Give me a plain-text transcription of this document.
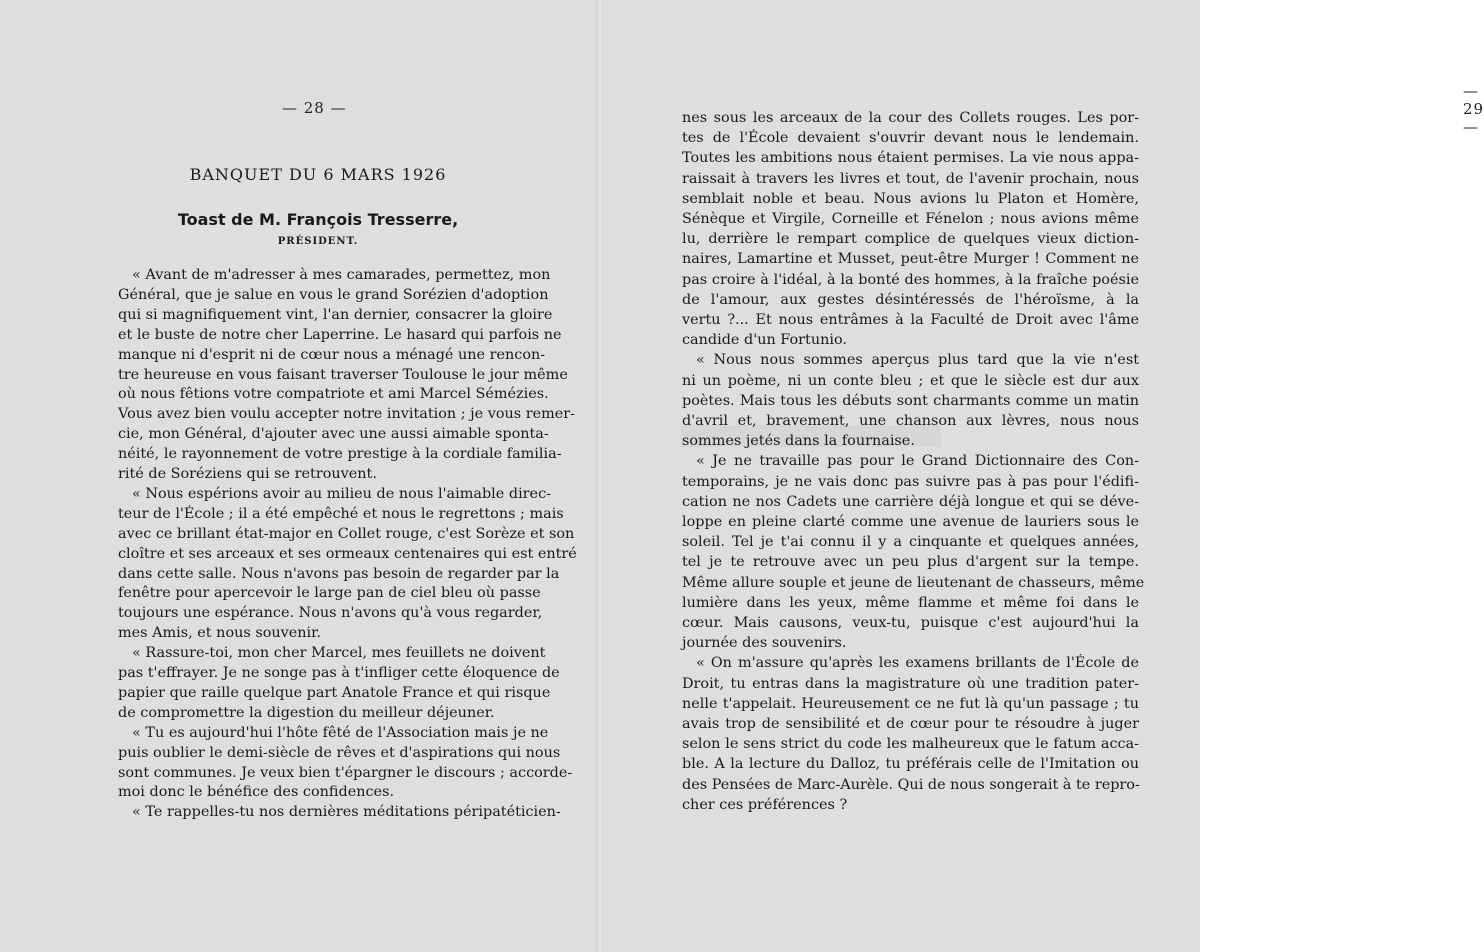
— 28 —
BANQUET DU 6 MARS 1926
Toast de M. François Tresserre,
PRÉSIDENT.
« Avant de m'adresser à mes camarades, permettez, mon
Général, que je salue en vous le grand Sorézien d'adoption
qui si magnifiquement vint, l'an dernier, consacrer la gloire
et le buste de notre cher Laperrine. Le hasard qui parfois ne
manque ni d'esprit ni de cœur nous a ménagé une rencon-
tre heureuse en vous faisant traverser Toulouse le jour même
où nous fêtions votre compatriote et ami Marcel Sémézies.
Vous avez bien voulu accepter notre invitation ; je vous remer-
cie, mon Général, d'ajouter avec une aussi aimable sponta-
néité, le rayonnement de votre prestige à la cordiale familia-
rité de Soréziens qui se retrouvent.
« Nous espérions avoir au milieu de nous l'aimable direc-
teur de l'École ; il a été empêché et nous le regrettons ; mais
avec ce brillant état-major en Collet rouge, c'est Sorèze et son
cloître et ses arceaux et ses ormeaux centenaires qui est entré
dans cette salle. Nous n'avons pas besoin de regarder par la
fenêtre pour apercevoir le large pan de ciel bleu où passe
toujours une espérance. Nous n'avons qu'à vous regarder,
mes Amis, et nous souvenir.
« Rassure-toi, mon cher Marcel, mes feuillets ne doivent
pas t'effrayer. Je ne songe pas à t'infliger cette éloquence de
papier que raille quelque part Anatole France et qui risque
de compromettre la digestion du meilleur déjeuner.
« Tu es aujourd'hui l'hôte fêté de l'Association mais je ne
puis oublier le demi-siècle de rêves et d'aspirations qui nous
sont communes. Je veux bien t'épargner le discours ; accorde-
moi donc le bénéfice des confidences.
« Te rappelles-tu nos dernières méditations péripatéticien-
— 29 —
nes sous les arceaux de la cour des Collets rouges. Les por-
tes de l'École devaient s'ouvrir devant nous le lendemain.
Toutes les ambitions nous étaient permises. La vie nous appa-
raissait à travers les livres et tout, de l'avenir prochain, nous
semblait noble et beau. Nous avions lu Platon et Homère,
Sénèque et Virgile, Corneille et Fénelon ; nous avions même
lu, derrière le rempart complice de quelques vieux diction-
naires, Lamartine et Musset, peut-être Murger ! Comment ne
pas croire à l'idéal, à la bonté des hommes, à la fraîche poésie
de l'amour, aux gestes désintéressés de l'héroïsme, à la
vertu ?... Et nous entrâmes à la Faculté de Droit avec l'âme
candide d'un Fortunio.
« Nous nous sommes aperçus plus tard que la vie n'est
ni un poème, ni un conte bleu ; et que le siècle est dur aux
poètes. Mais tous les débuts sont charmants comme un matin
d'avril et, bravement, une chanson aux lèvres, nous nous
sommes jetés dans la fournaise.
« Je ne travaille pas pour le Grand Dictionnaire des Con-
temporains, je ne vais donc pas suivre pas à pas pour l'édifi-
cation ne nos Cadets une carrière déjà longue et qui se déve-
loppe en pleine clarté comme une avenue de lauriers sous le
soleil. Tel je t'ai connu il y a cinquante et quelques années,
tel je te retrouve avec un peu plus d'argent sur la tempe.
Même allure souple et jeune de lieutenant de chasseurs, même
lumière dans les yeux, même flamme et même foi dans le
cœur. Mais causons, veux-tu, puisque c'est aujourd'hui la
journée des souvenirs.
« On m'assure qu'après les examens brillants de l'École de
Droit, tu entras dans la magistrature où une tradition pater-
nelle t'appelait. Heureusement ce ne fut là qu'un passage ; tu
avais trop de sensibilité et de cœur pour te résoudre à juger
selon le sens strict du code les malheureux que le fatum acca-
ble. A la lecture du Dalloz, tu préférais celle de l'Imitation ou
des Pensées de Marc-Aurèle. Qui de nous songerait à te repro-
cher ces préférences ?
